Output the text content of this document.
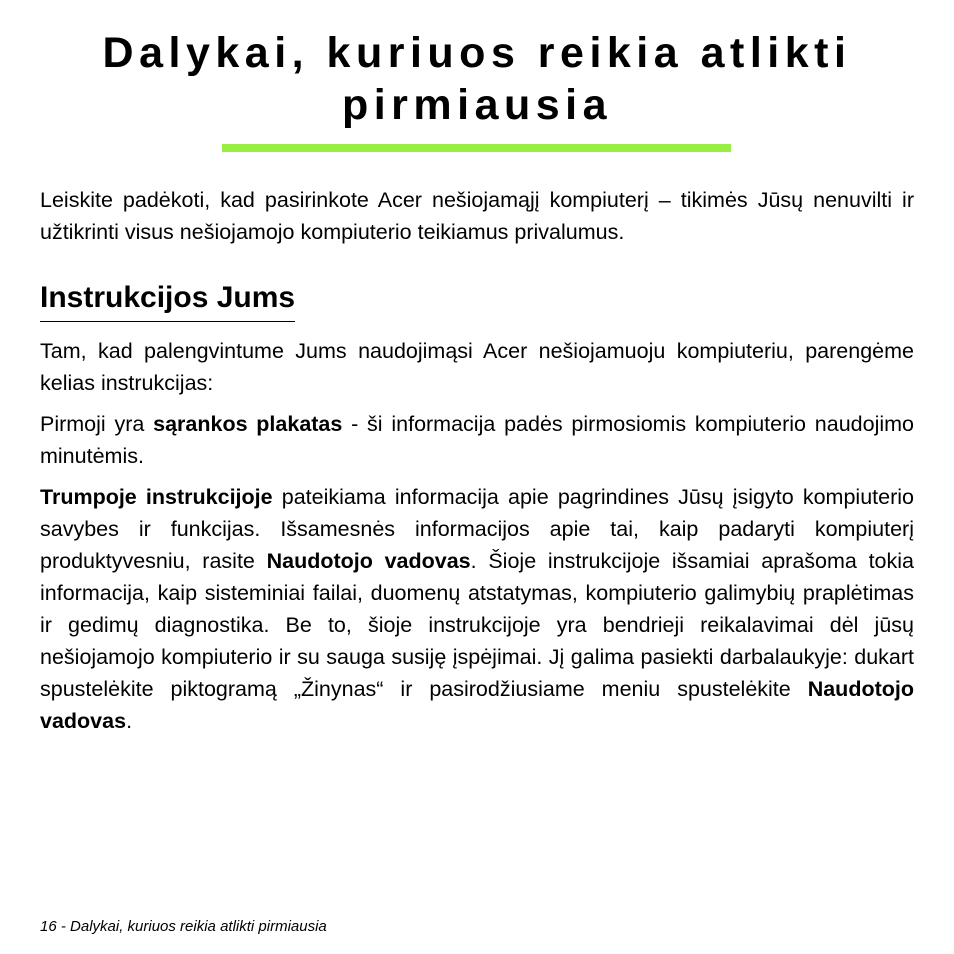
Dalykai, kuriuos reikia atlikti
pirmiausia

Leiskite padėkoti, kad pasirinkote Acer nešiojamąjį kompiuterį – tikimės Jūsų nenuvilti ir užtikrinti visus nešiojamojo kompiuterio teikiamus privalumus.

Instrukcijos Jums

Tam, kad palengvintume Jums naudojimąsi Acer nešiojamuoju kompiuteriu, parengėme kelias instrukcijas:

Pirmoji yra sąrankos plakatas - ši informacija padės pirmosiomis kompiuterio naudojimo minutėmis.

Trumpoje instrukcijoje pateikiama informacija apie pagrindines Jūsų įsigyto kompiuterio savybes ir funkcijas. Išsamesnės informacijos apie tai, kaip padaryti kompiuterį produktyvesniu, rasite Naudotojo vadovas. Šioje instrukcijoje išsamiai aprašoma tokia informacija, kaip sisteminiai failai, duomenų atstatymas, kompiuterio galimybių praplėtimas ir gedimų diagnostika. Be to, šioje instrukcijoje yra bendrieji reikalavimai dėl jūsų nešiojamojo kompiuterio ir su sauga susiję įspėjimai. Jį galima pasiekti darbalaukyje: dukart spustelėkite piktogramą „Žinynas“ ir pasirodžiusiame meniu spustelėkite Naudotojo vadovas.

16 - Dalykai, kuriuos reikia atlikti pirmiausia
